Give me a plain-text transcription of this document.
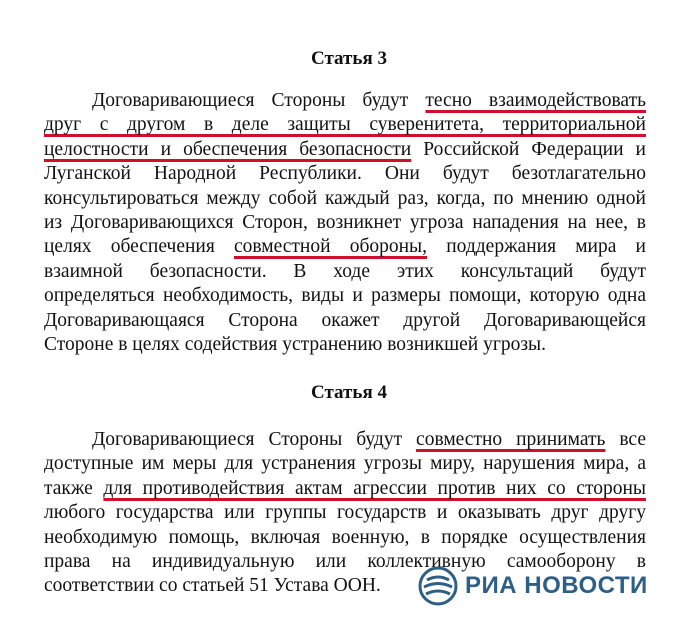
Статья 3
Договаривающиеся Стороны будут тесно взаимодействовать
друг с другом в деле защиты суверенитета, территориальной
целостности и обеспечения безопасности Российской Федерации и
Луганской Народной Республики. Они будут безотлагательно
консультироваться между собой каждый раз, когда, по мнению одной
из Договаривающихся Сторон, возникнет угроза нападения на нее, в
целях обеспечения совместной обороны, поддержания мира и
взаимной безопасности. В ходе этих консультаций будут
определяться необходимость, виды и размеры помощи, которую одна
Договаривающаяся Сторона окажет другой Договаривающейся
Стороне в целях содействия устранению возникшей угрозы.
Статья 4
Договаривающиеся Стороны будут совместно принимать все
доступные им меры для устранения угрозы миру, нарушения мира, а
также для противодействия актам агрессии против них со стороны
любого государства или группы государств и оказывать друг другу
необходимую помощь, включая военную, в порядке осуществления
права на индивидуальную или коллективную самооборону в
соответствии со статьей 51 Устава ООН.	РИА НОВОСТИ
